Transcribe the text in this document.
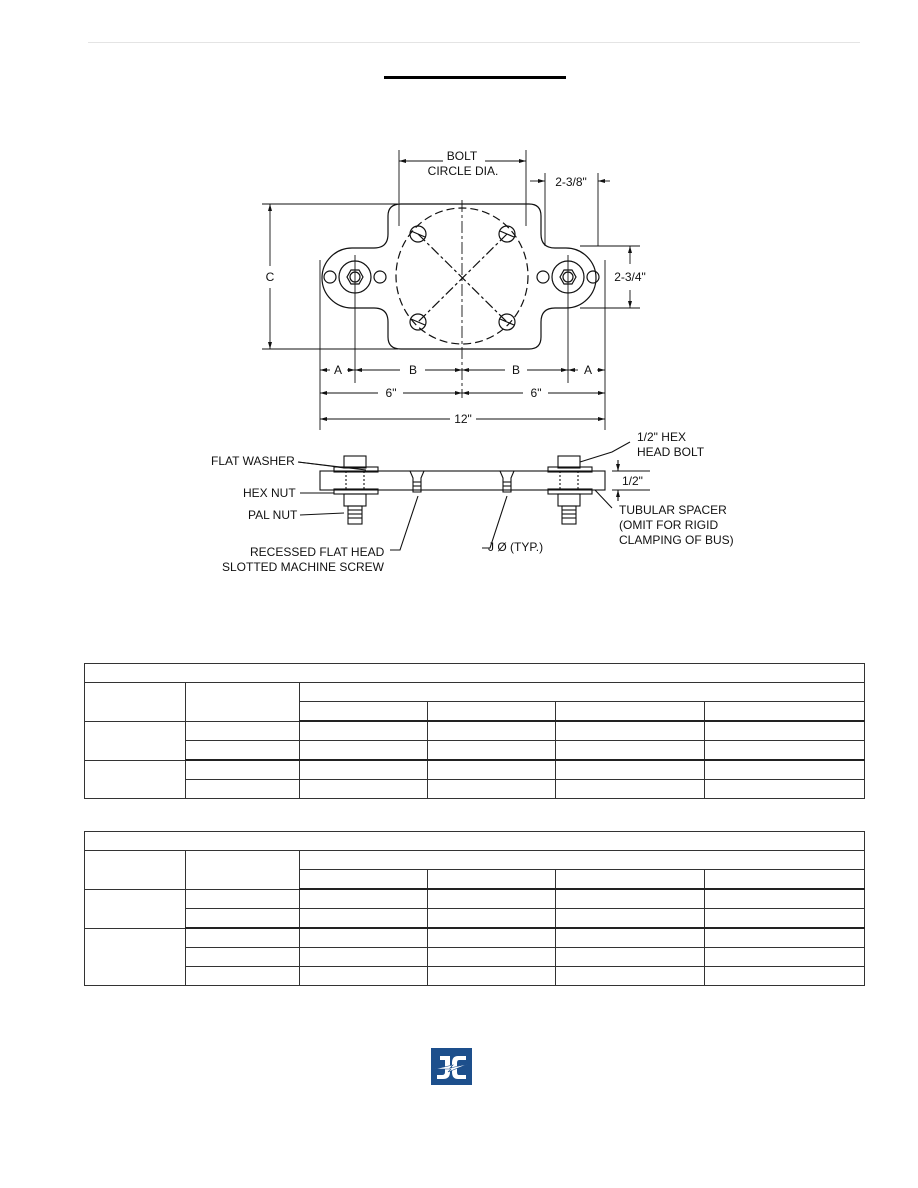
BOLT
CIRCLE DIA.
2-3/8"
2-3/4"
C
A	B	B	A
6"	6"
12"
1/2" HEX
HEAD BOLT
FLAT WASHER
HEX NUT
PAL NUT
1/2"
TUBULAR SPACER
(OMIT FOR RIGID
CLAMPING OF BUS)
RECESSED FLAT HEAD
SLOTTED MACHINE SCREW
J Ø (TYP.)
